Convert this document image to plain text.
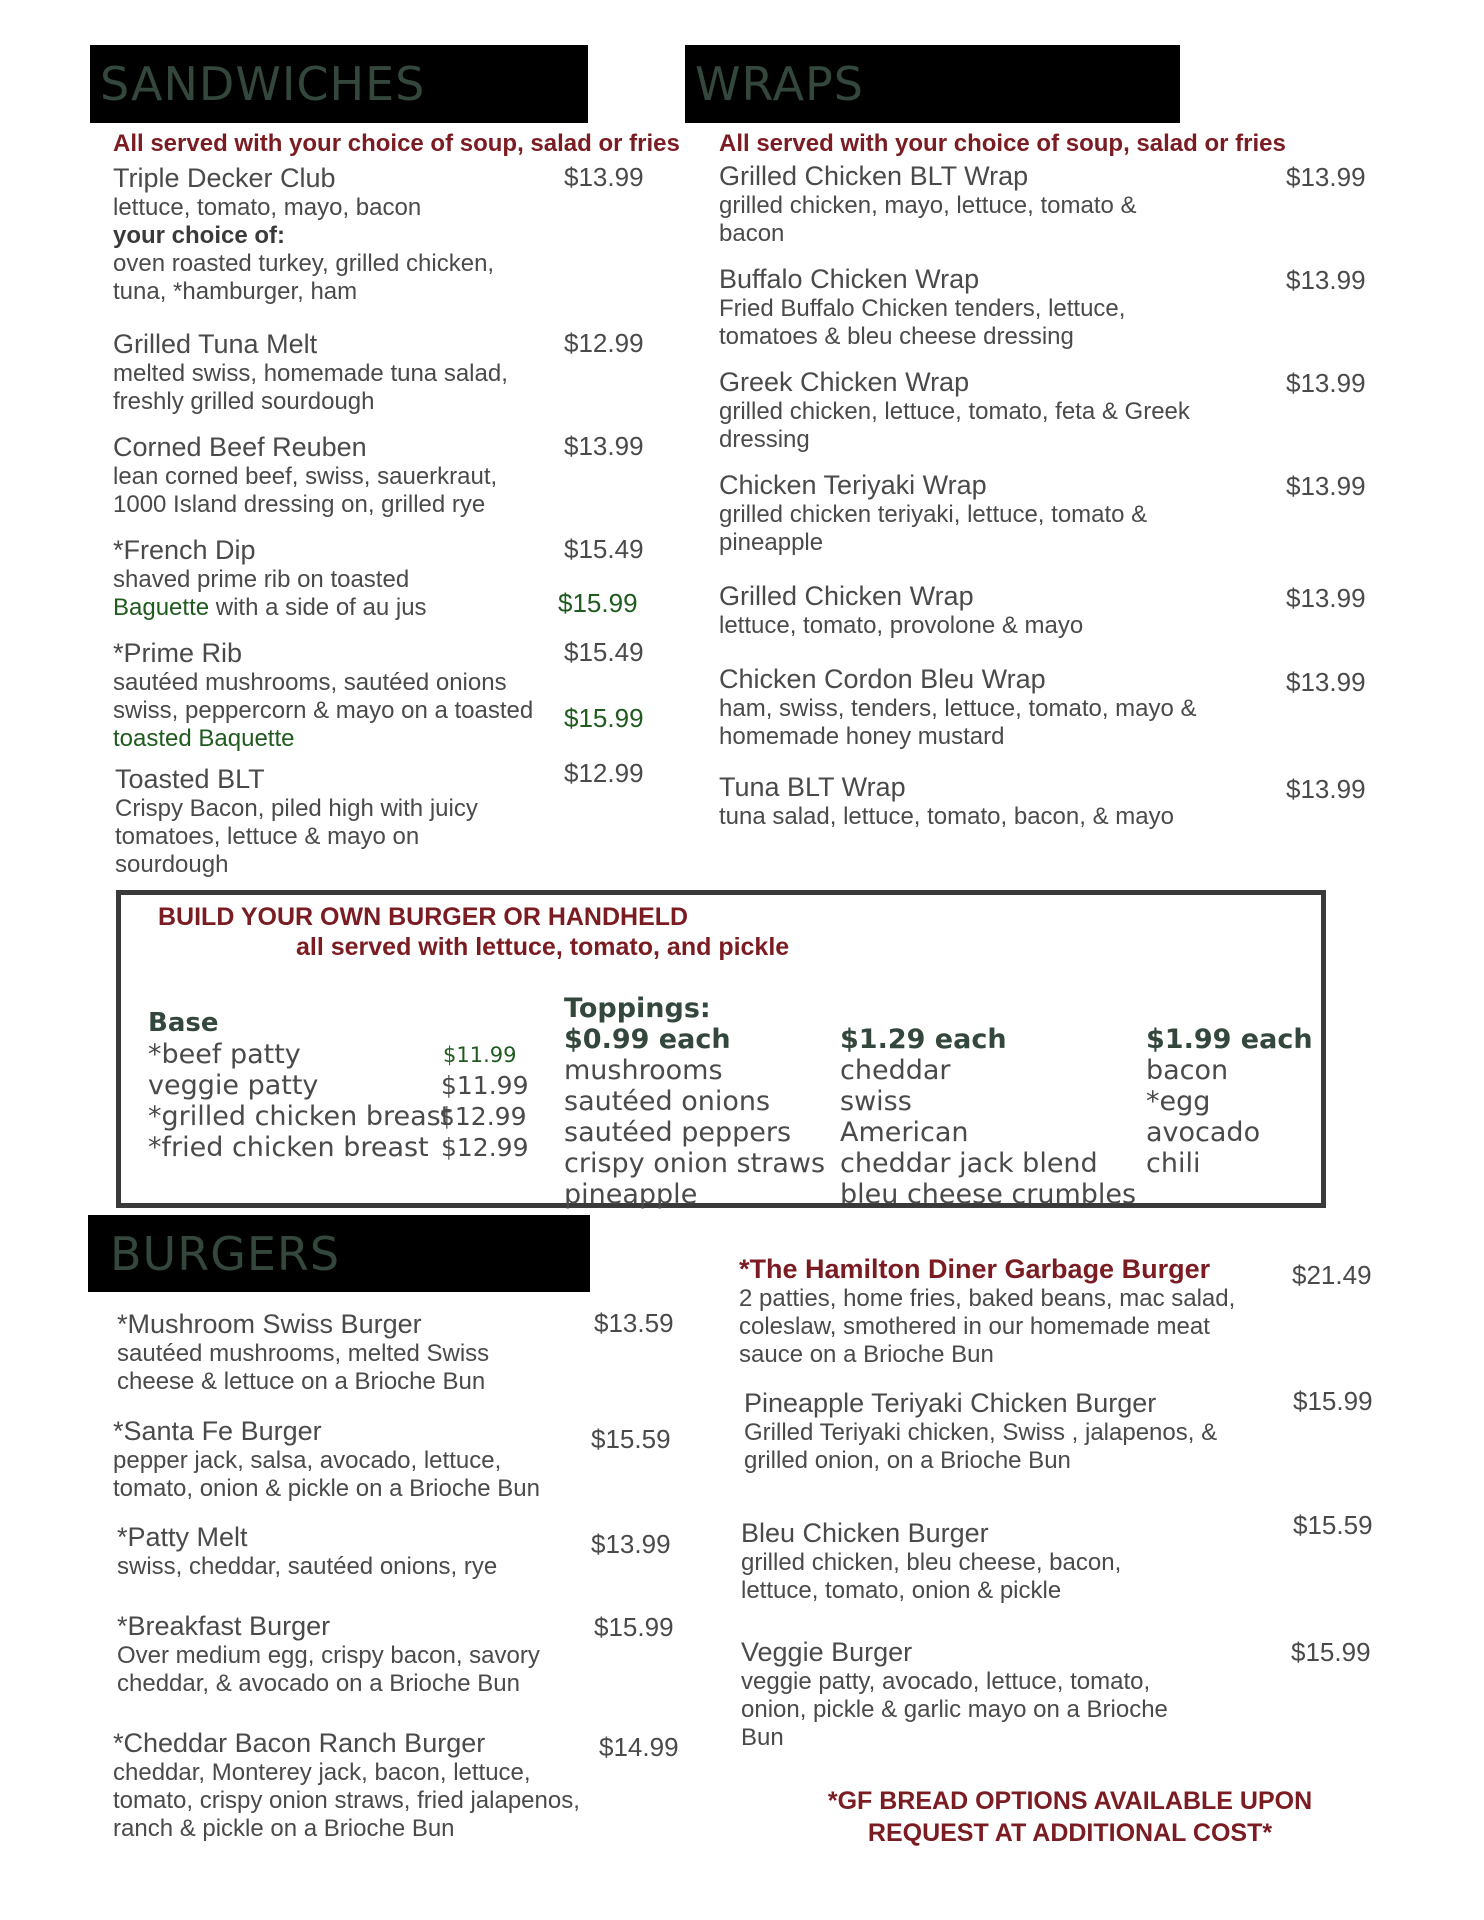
SANDWICHES
All served with your choice of soup, salad or fries
Triple Decker Club
lettuce, tomato, mayo, bacon
your choice of:
oven roasted turkey, grilled chicken, tuna, *hamburger, ham
$13.99
Grilled Tuna Melt
melted swiss, homemade tuna salad, freshly grilled sourdough
$12.99
Corned Beef Reuben
lean corned beef, swiss, sauerkraut, 1000 Island dressing on, grilled rye
$13.99
*French Dip
shaved prime rib on toasted
Baguette with a side of au jus
$15.49
$15.99
*Prime Rib
sautéed mushrooms, sautéed onions swiss, peppercorn & mayo on a toasted toasted Baquette
$15.49
$15.99
Toasted BLT
Crispy Bacon, piled high with juicy tomatoes, lettuce & mayo on sourdough
$12.99
WRAPS
All served with your choice of soup, salad or fries
Grilled Chicken BLT Wrap
grilled chicken, mayo, lettuce, tomato & bacon
$13.99
Buffalo Chicken Wrap
Fried Buffalo Chicken tenders, lettuce, tomatoes & bleu cheese dressing
$13.99
Greek Chicken Wrap
grilled chicken, lettuce, tomato, feta & Greek dressing
$13.99
Chicken Teriyaki Wrap
grilled chicken teriyaki, lettuce, tomato & pineapple
$13.99
Grilled Chicken Wrap
lettuce, tomato, provolone & mayo
$13.99
Chicken Cordon Bleu Wrap
ham, swiss, tenders, lettuce, tomato, mayo & homemade honey mustard
$13.99
Tuna BLT Wrap
tuna salad, lettuce, tomato, bacon, & mayo
$13.99
BUILD YOUR OWN BURGER OR HANDHELD
all served with lettuce, tomato, and pickle
Base
*beef patty
veggie patty
*grilled chicken breast
*fried chicken breast
$11.99
$11.99
$12.99
$12.99
Toppings:
$0.99 each
mushrooms
sautéed onions
sautéed peppers
crispy onion straws
pineapple
$1.29 each
cheddar
swiss
American
cheddar jack blend
bleu cheese crumbles
$1.99 each
bacon
*egg
avocado
chili
BURGERS
*Mushroom Swiss Burger
sautéed mushrooms, melted Swiss cheese & lettuce on a Brioche Bun
$13.59
*Santa Fe Burger
pepper jack, salsa, avocado, lettuce, tomato, onion & pickle on a Brioche Bun
$15.59
*Patty Melt
swiss, cheddar, sautéed onions, rye
$13.99
*Breakfast Burger
Over medium egg, crispy bacon, savory cheddar, & avocado on a Brioche Bun
$15.99
*Cheddar Bacon Ranch Burger
cheddar, Monterey jack, bacon, lettuce, tomato, crispy onion straws, fried jalapenos, ranch & pickle on a Brioche Bun
$14.99
*The Hamilton Diner Garbage Burger
2 patties, home fries, baked beans, mac salad, coleslaw, smothered in our homemade meat sauce on a Brioche Bun
$21.49
Pineapple Teriyaki Chicken Burger
Grilled Teriyaki chicken, Swiss , jalapenos, & grilled onion, on a Brioche Bun
$15.99
Bleu Chicken Burger
grilled chicken, bleu cheese, bacon, lettuce, tomato, onion & pickle
$15.59
Veggie Burger
veggie patty, avocado, lettuce, tomato, onion, pickle & garlic mayo on a Brioche Bun
$15.99
*GF BREAD OPTIONS AVAILABLE UPON
REQUEST AT ADDITIONAL COST*
